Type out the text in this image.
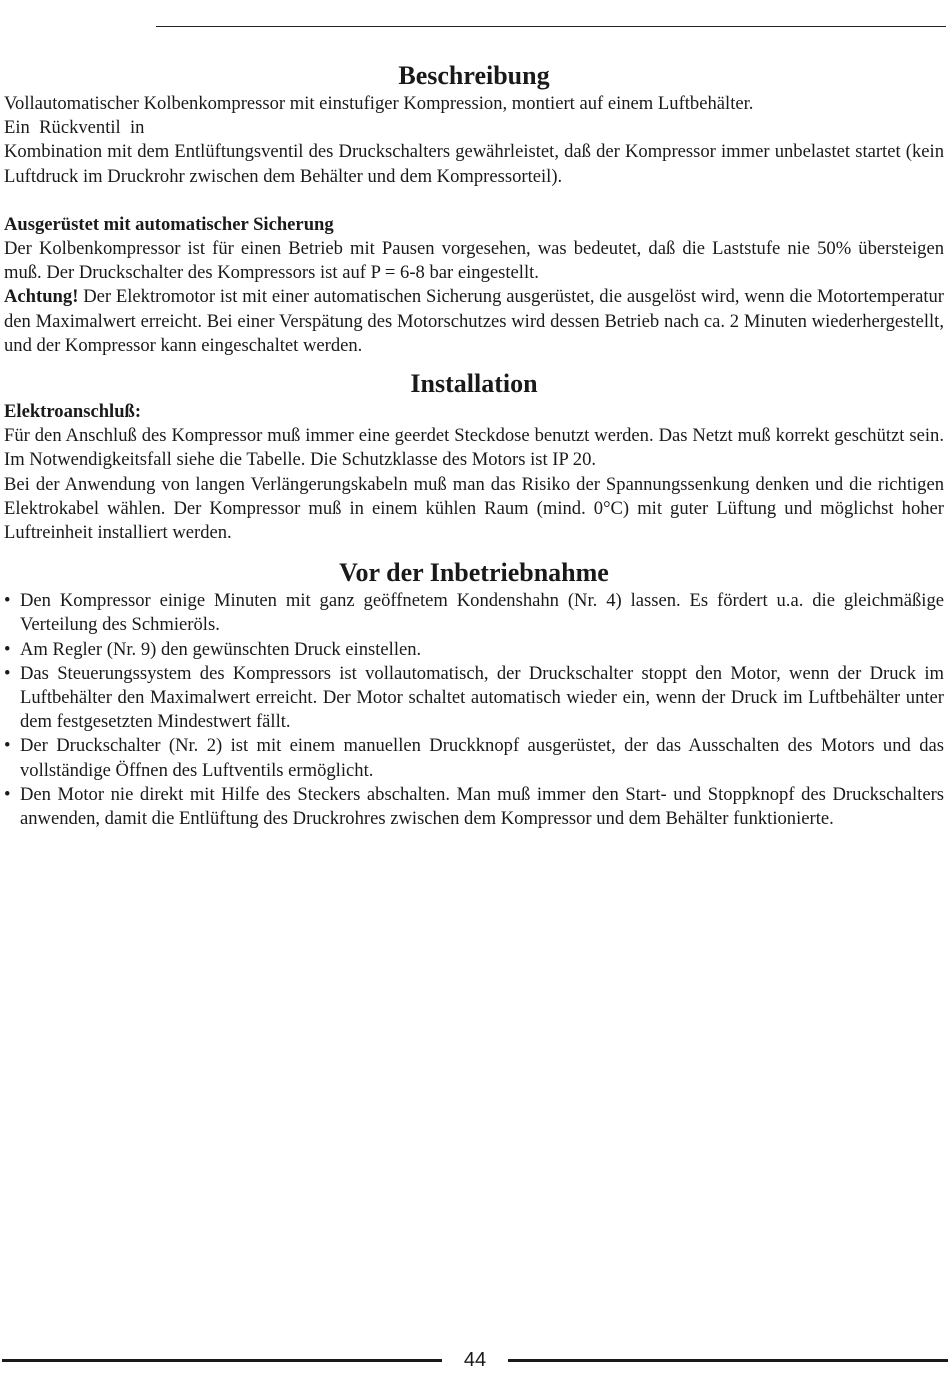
Beschreibung

Vollautomatischer Kolbenkompressor mit einstufiger Kompression, montiert auf einem Luftbehälter.

Ein  Rückventil  in

Kombination mit dem Entlüftungsventil des Druckschalters gewährleistet, daß der Kompressor immer unbelastet startet (kein Luftdruck im Druckrohr zwischen dem Behälter und dem Kompressorteil).

Ausgerüstet mit automatischer Sicherung

Der Kolbenkompressor ist für einen Betrieb mit Pausen vorgesehen, was bedeutet, daß die Laststufe nie 50% übersteigen muß. Der Druckschalter des Kompressors ist auf P = 6-8 bar eingestellt.

Achtung! Der Elektromotor ist mit einer automatischen Sicherung ausgerüstet, die ausgelöst wird, wenn die Motortemperatur den Maximalwert erreicht. Bei einer Verspätung des Motorschutzes wird dessen Betrieb nach ca. 2 Minuten wiederhergestellt, und der Kompressor kann eingeschaltet werden.

Installation

Elektroanschluß:

Für den Anschluß des Kompressor muß immer eine geerdet Steckdose benutzt werden. Das Netzt muß korrekt geschützt sein. Im Notwendigkeitsfall siehe die Tabelle. Die Schutzklasse des Motors ist IP 20.

Bei der Anwendung von langen Verlängerungskabeln muß man das Risiko der Spannungssenkung denken und die richtigen Elektrokabel wählen. Der Kompressor muß in einem kühlen Raum (mind. 0°C) mit guter Lüftung und möglichst hoher Luftreinheit installiert werden.

Vor der Inbetriebnahme
• Den Kompressor einige Minuten mit ganz geöffnetem Kondenshahn (Nr. 4) lassen. Es fördert u.a. die gleichmäßige Verteilung des Schmieröls.
• Am Regler (Nr. 9) den gewünschten Druck einstellen.
• Das Steuerungssystem des Kompressors ist vollautomatisch, der Druckschalter stoppt den Motor, wenn der Druck im Luftbehälter den Maximalwert erreicht. Der Motor schaltet automatisch wieder ein, wenn der Druck im Luftbehälter unter dem festgesetzten Mindestwert fällt.
• Der Druckschalter (Nr. 2) ist mit einem manuellen Druckknopf ausgerüstet, der das Ausschalten des Motors und das vollständige Öffnen des Luftventils ermöglicht.
• Den Motor nie direkt mit Hilfe des Steckers abschalten. Man muß immer den Start- und Stoppknopf des Druckschalters anwenden, damit die Entlüftung des Druckrohres zwischen dem Kompressor und dem Behälter funktionierte.
44
